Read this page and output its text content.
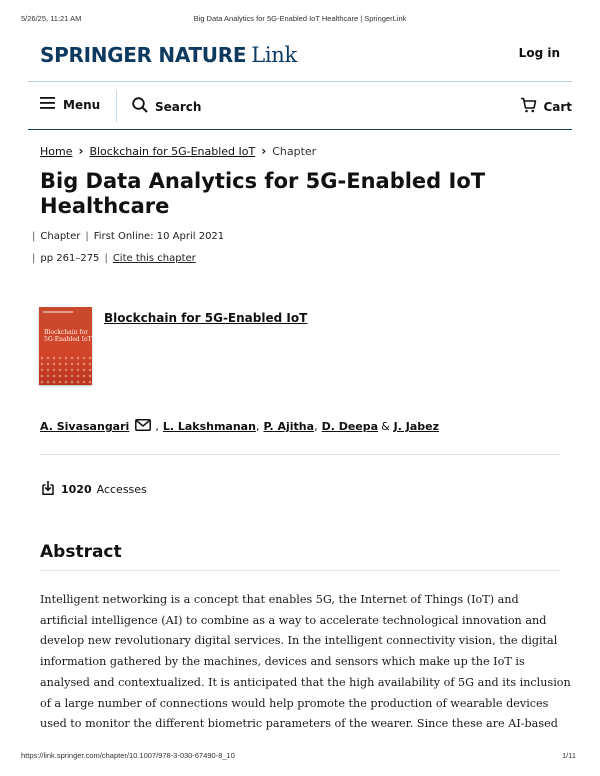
5/26/25, 11:21 AM	Big Data Analytics for 5G-Enabled IoT Healthcare | SpringerLink
SPRINGER NATURE Link	Log in
Menu	Search	Cart
Home › Blockchain for 5G-Enabled IoT › Chapter
Big Data Analytics for 5G-Enabled IoT Healthcare
| Chapter | First Online: 10 April 2021
| pp 261–275 | Cite this chapter
Blockchain for 5G-Enabled IoT
Blockchain for 5G-Enabled IoT
A. Sivasangari , L. Lakshmanan , P. Ajitha , D. Deepa & J. Jabez
1020 Accesses
Abstract
Intelligent networking is a concept that enables 5G, the Internet of Things (IoT) and
artificial intelligence (AI) to combine as a way to accelerate technological innovation and
develop new revolutionary digital services. In the intelligent connectivity vision, the digital
information gathered by the machines, devices and sensors which make up the IoT is
analysed and contextualized. It is anticipated that the high availability of 5G and its inclusion
of a large number of connections would help promote the production of wearable devices
used to monitor the different biometric parameters of the wearer. Since these are AI-based
https://link.springer.com/chapter/10.1007/978-3-030-67490-8_10	1/11
